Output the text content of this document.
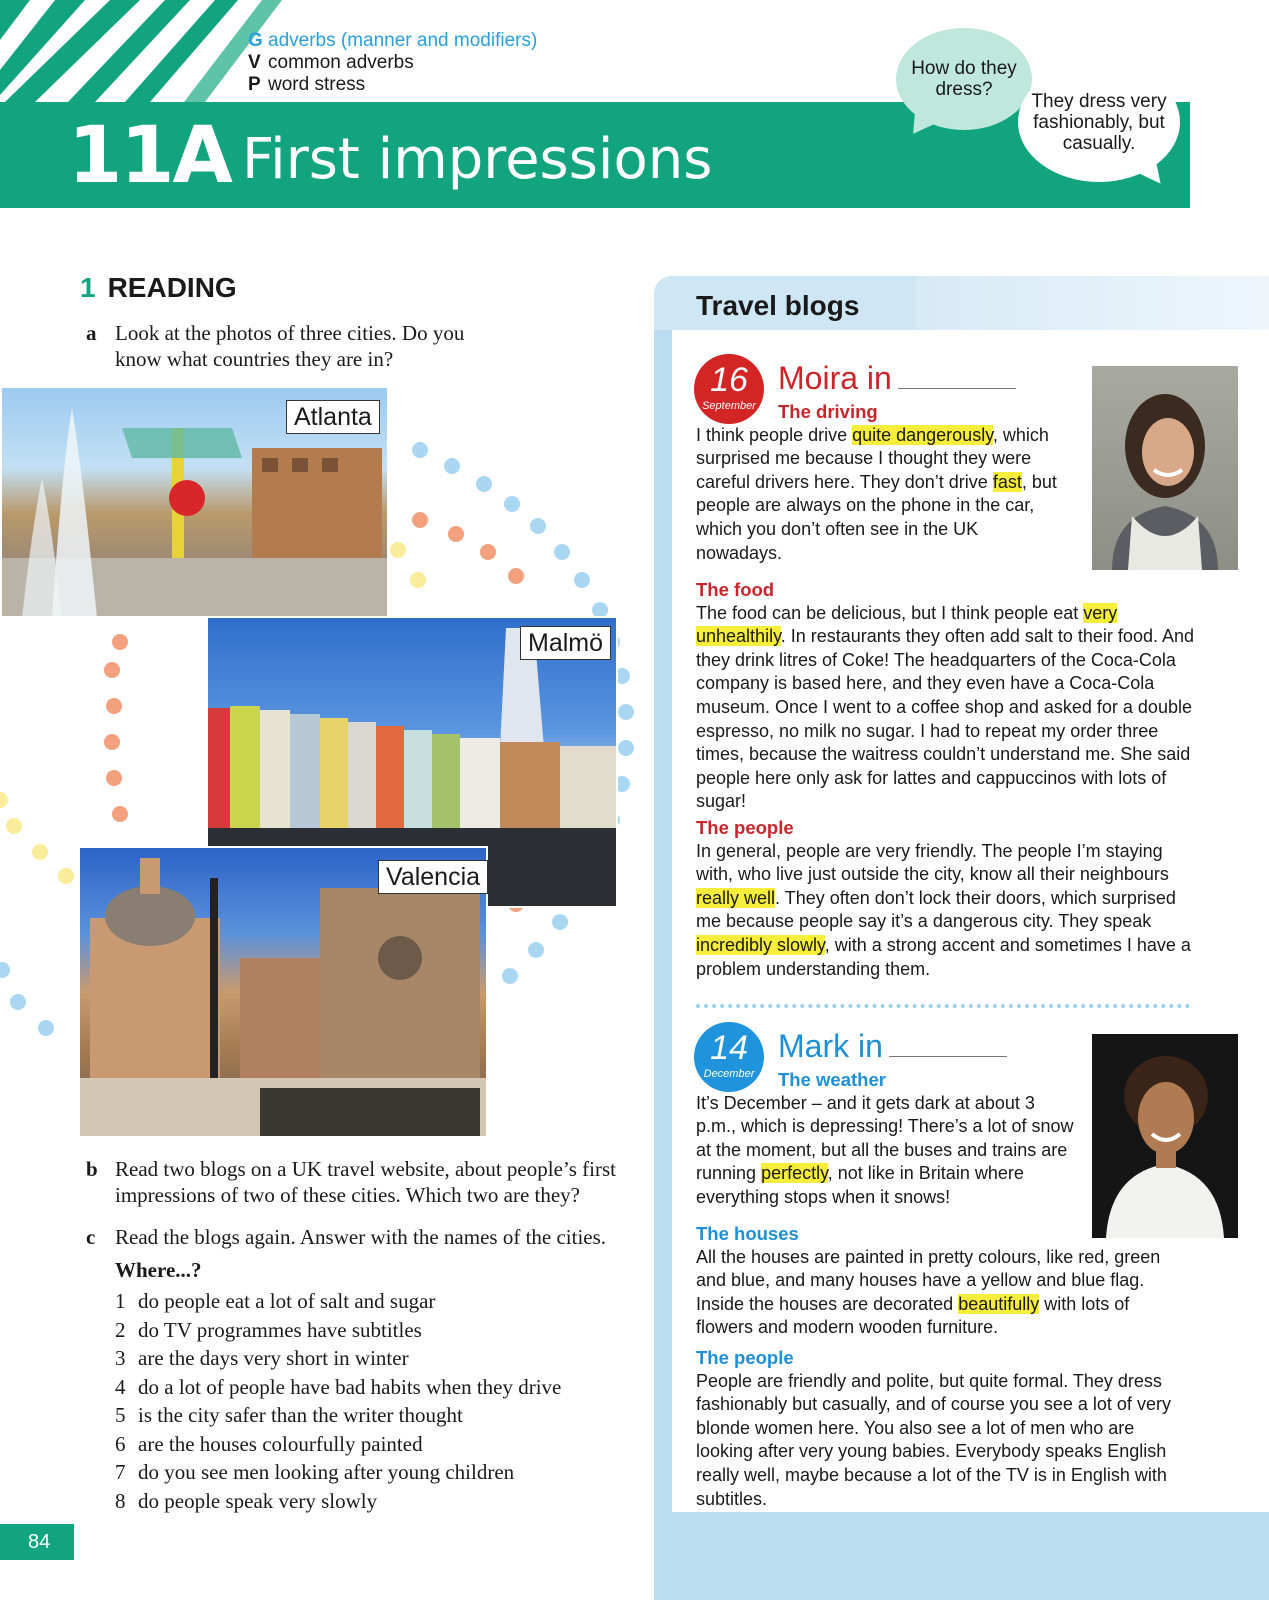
G adverbs (manner and modifiers)
V common adverbs
P word stress
11A First impressions
How do they dress?
They dress very fashionably, but casually.
1 READING
a Look at the photos of three cities. Do you know what countries they are in?
Atlanta
Malmö
Valencia
b Read two blogs on a UK travel website, about people’s first impressions of two of these cities. Which two are they?
c Read the blogs again. Answer with the names of the cities.
Where...?
1 do people eat a lot of salt and sugar
2 do TV programmes have subtitles
3 are the days very short in winter
4 do a lot of people have bad habits when they drive
5 is the city safer than the writer thought
6 are the houses colourfully painted
7 do you see men looking after young children
8 do people speak very slowly
84
Travel blogs
16
September
Moira in
The driving

I think people drive quite dangerously, which surprised me because I thought they were careful drivers here. They don’t drive fast, but people are always on the phone in the car, which you don’t often see in the UK nowadays.

The food

The food can be delicious, but I think people eat very unhealthily. In restaurants they often add salt to their food. And they drink litres of Coke! The headquarters of the Coca-Cola company is based here, and they even have a Coca-Cola museum. Once I went to a coffee shop and asked for a double espresso, no milk no sugar. I had to repeat my order three times, because the waitress couldn’t understand me. She said people here only ask for lattes and cappuccinos with lots of sugar!

The people

In general, people are very friendly. The people I’m staying with, who live just outside the city, know all their neighbours really well. They often don’t lock their doors, which surprised me because people say it’s a dangerous city. They speak incredibly slowly, with a strong accent and sometimes I have a problem understanding them.

14
December
Mark in
The weather

It’s December – and it gets dark at about 3 p.m., which is depressing! There’s a lot of snow at the moment, but all the buses and trains are running perfectly, not like in Britain where everything stops when it snows!

The houses

All the houses are painted in pretty colours, like red, green and blue, and many houses have a yellow and blue flag. Inside the houses are decorated beautifully with lots of flowers and modern wooden furniture.

The people

People are friendly and polite, but quite formal. They dress fashionably but casually, and of course you see a lot of very blonde women here. You also see a lot of men who are looking after very young babies. Everybody speaks English really well, maybe because a lot of the TV is in English with subtitles.
